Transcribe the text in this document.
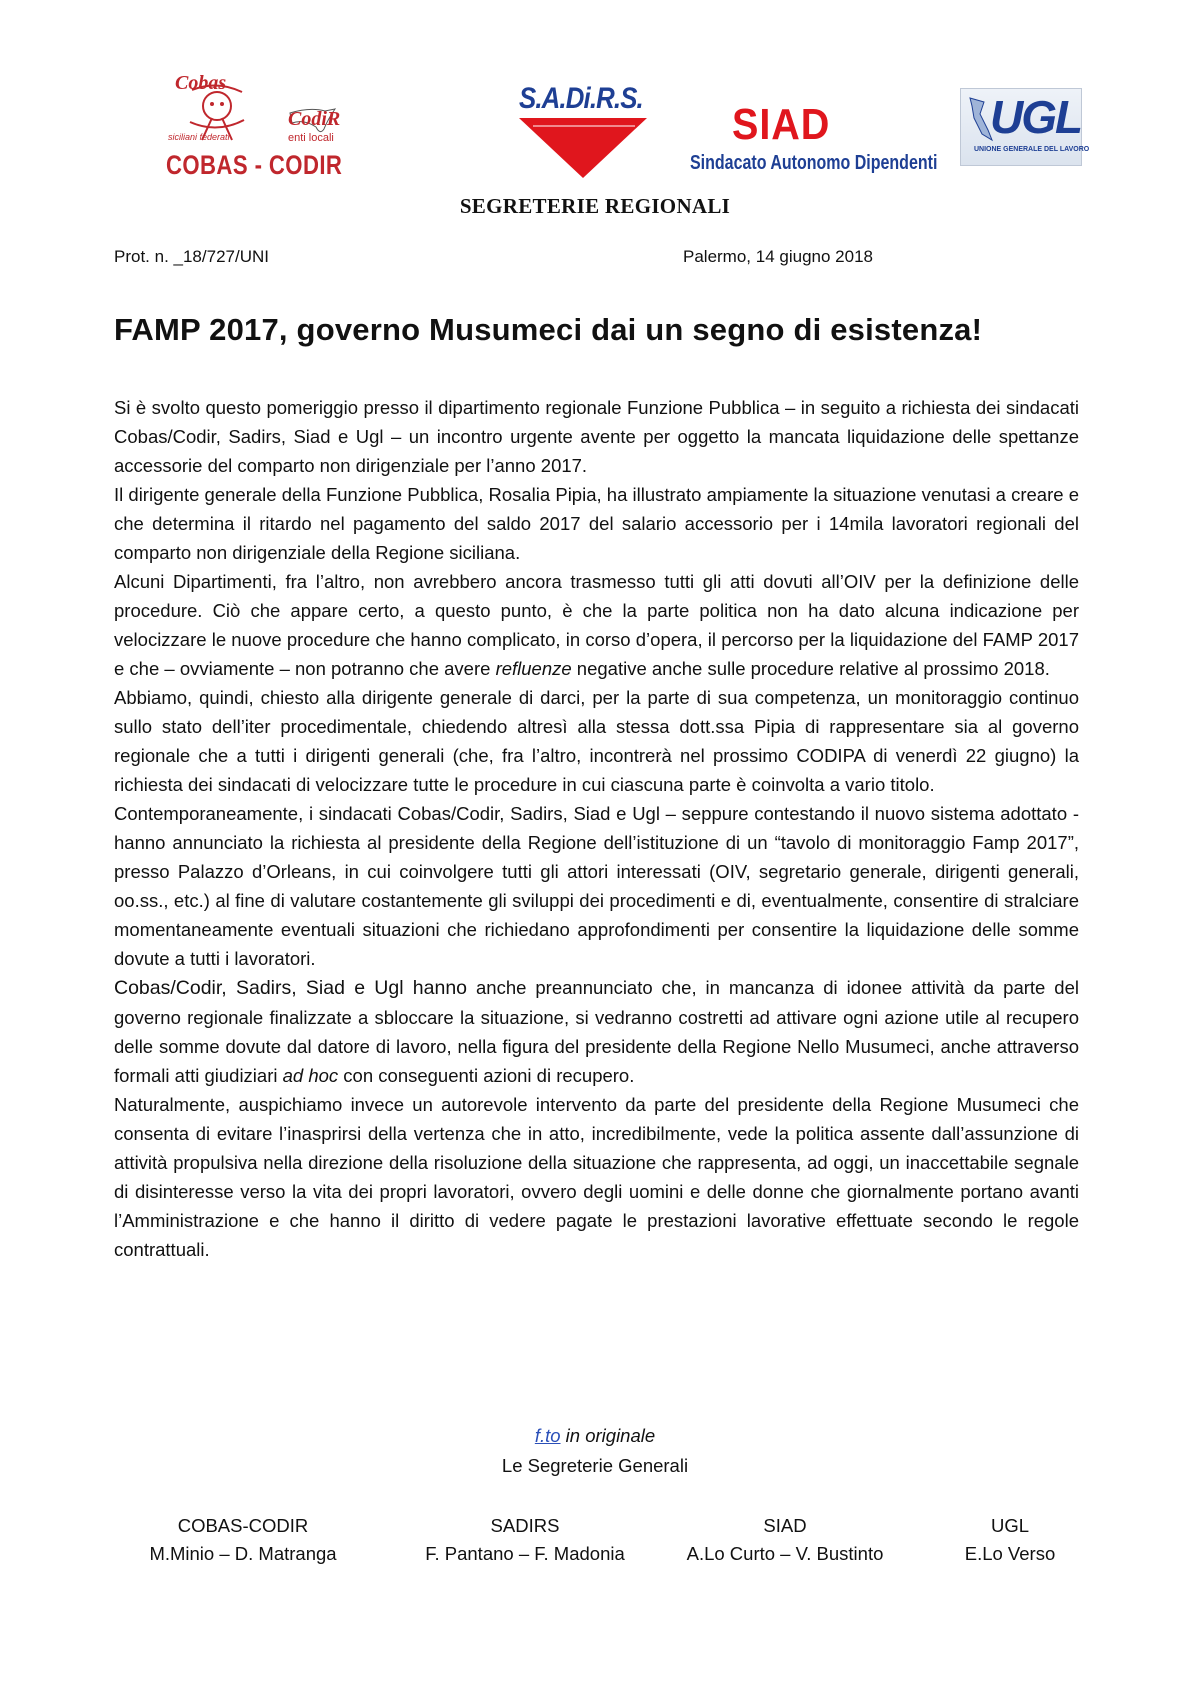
Cobas
siciliani federati
CodiR
enti locali
COBAS - CODIR
S.A.Di.R.S.
SIAD
Sindacato Autonomo Dipendenti
UGL
UNIONE GENERALE DEL LAVORO
SEGRETERIE REGIONALI
Prot. n. _18/727/UNI	Palermo, 14 giugno 2018
FAMP 2017, governo Musumeci dai un segno di esistenza!

Si è svolto questo pomeriggio presso il dipartimento regionale Funzione Pubblica – in seguito a richiesta dei sindacati Cobas/Codir, Sadirs, Siad e Ugl – un incontro urgente avente per oggetto la mancata liquidazione delle spettanze accessorie del comparto non dirigenziale per l’anno 2017.

Il dirigente generale della Funzione Pubblica, Rosalia Pipia, ha illustrato ampiamente la situazione venutasi a creare e che determina il ritardo nel pagamento del saldo 2017 del salario accessorio per i 14mila lavoratori regionali del comparto non dirigenziale della Regione siciliana.

Alcuni Dipartimenti, fra l’altro, non avrebbero ancora trasmesso tutti gli atti dovuti all’OIV per la definizione delle procedure. Ciò che appare certo, a questo punto, è che la parte politica non ha dato alcuna indicazione per velocizzare le nuove procedure che hanno complicato, in corso d’opera, il percorso per la liquidazione del FAMP 2017 e che – ovviamente – non potranno che avere refluenze negative anche sulle procedure relative al prossimo 2018.

Abbiamo, quindi, chiesto alla dirigente generale di darci, per la parte di sua competenza, un monitoraggio continuo sullo stato dell’iter procedimentale, chiedendo altresì alla stessa dott.ssa Pipia di rappresentare sia al governo regionale che a tutti i dirigenti generali (che, fra l’altro, incontrerà nel prossimo CODIPA di venerdì 22 giugno) la richiesta dei sindacati di velocizzare tutte le procedure in cui ciascuna parte è coinvolta a vario titolo.

Contemporaneamente, i sindacati Cobas/Codir, Sadirs, Siad e Ugl – seppure contestando il nuovo sistema adottato - hanno annunciato la richiesta al presidente della Regione dell’istituzione di un “tavolo di monitoraggio Famp 2017”, presso Palazzo d’Orleans, in cui coinvolgere tutti gli attori interessati (OIV, segretario generale, dirigenti generali, oo.ss., etc.) al fine di valutare costantemente gli sviluppi dei procedimenti e di, eventualmente, consentire di stralciare momentaneamente eventuali situazioni che richiedano approfondimenti per consentire la liquidazione delle somme dovute a tutti i lavoratori.

Cobas/Codir, Sadirs, Siad e Ugl hanno anche preannunciato che, in mancanza di idonee attività da parte del governo regionale finalizzate a sbloccare la situazione, si vedranno costretti ad attivare ogni azione utile al recupero delle somme dovute dal datore di lavoro, nella figura del presidente della Regione Nello Musumeci, anche attraverso formali atti giudiziari ad hoc con conseguenti azioni di recupero.

Naturalmente, auspichiamo invece un autorevole intervento da parte del presidente della Regione Musumeci che consenta di evitare l’inasprirsi della vertenza che in atto, incredibilmente, vede la politica assente dall’assunzione di attività propulsiva nella direzione della risoluzione della situazione che rappresenta, ad oggi, un inaccettabile segnale di disinteresse verso la vita dei propri lavoratori, ovvero degli uomini e delle donne che giornalmente portano avanti l’Amministrazione e che hanno il diritto di vedere pagate le prestazioni lavorative effettuate secondo le regole contrattuali.

f.to in originale
Le Segreterie Generali
COBAS-CODIR
M.Minio – D. Matranga
SADIRS
F. Pantano – F. Madonia
SIAD
A.Lo Curto – V. Bustinto
UGL
E.Lo Verso
